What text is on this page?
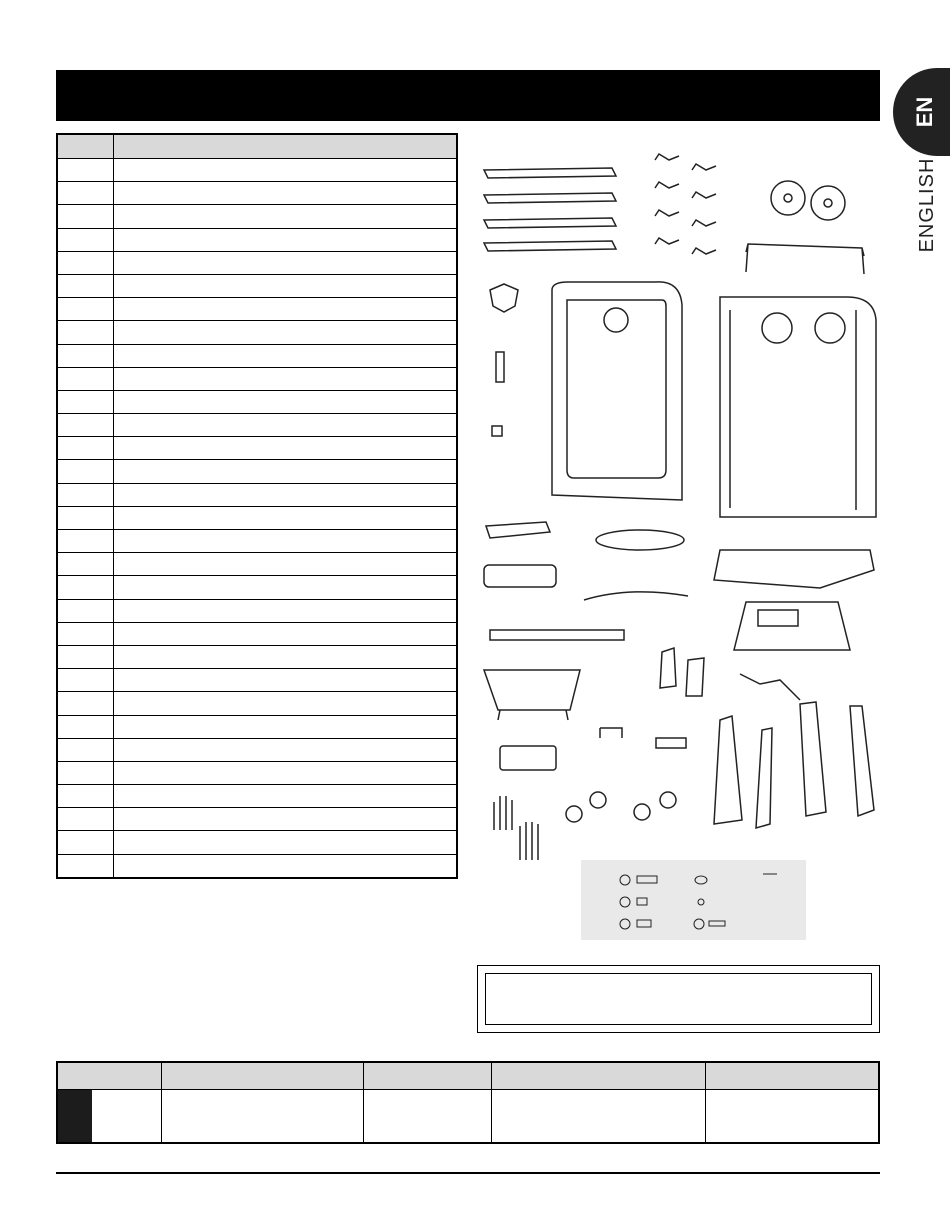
EN
ENGLISH
